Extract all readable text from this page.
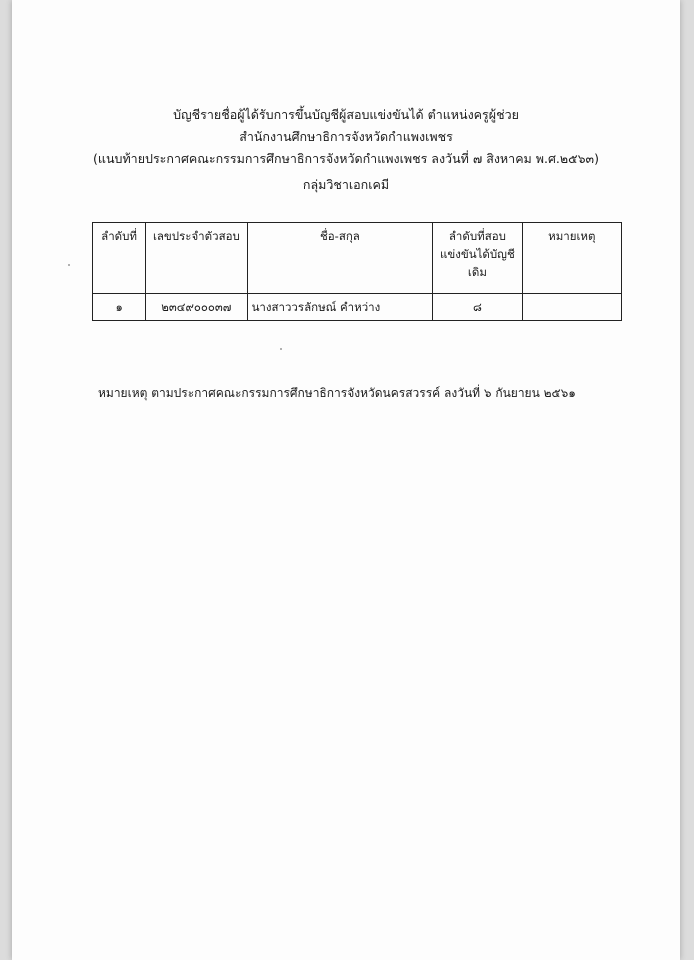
บัญชีรายชื่อผู้ได้รับการขึ้นบัญชีผู้สอบแข่งขันได้ ตำแหน่งครูผู้ช่วย
สำนักงานศึกษาธิการจังหวัดกำแพงเพชร
(แนบท้ายประกาศคณะกรรมการศึกษาธิการจังหวัดกำแพงเพชร ลงวันที่ ๗ สิงหาคม พ.ศ.๒๕๖๓)
กลุ่มวิชาเอกเคมี
ลำดับที่	เลขประจำตัวสอบ	ชื่อ-สกุล	ลำดับที่สอบแข่งขันได้บัญชีเดิม	หมายเหตุ
๑	๒๓๔๙๐๐๐๓๗	นางสาววรลักษณ์ คำหว่าง	๘	
หมายเหตุ ตามประกาศคณะกรรมการศึกษาธิการจังหวัดนครสวรรค์ ลงวันที่ ๖ กันยายน ๒๕๖๑
